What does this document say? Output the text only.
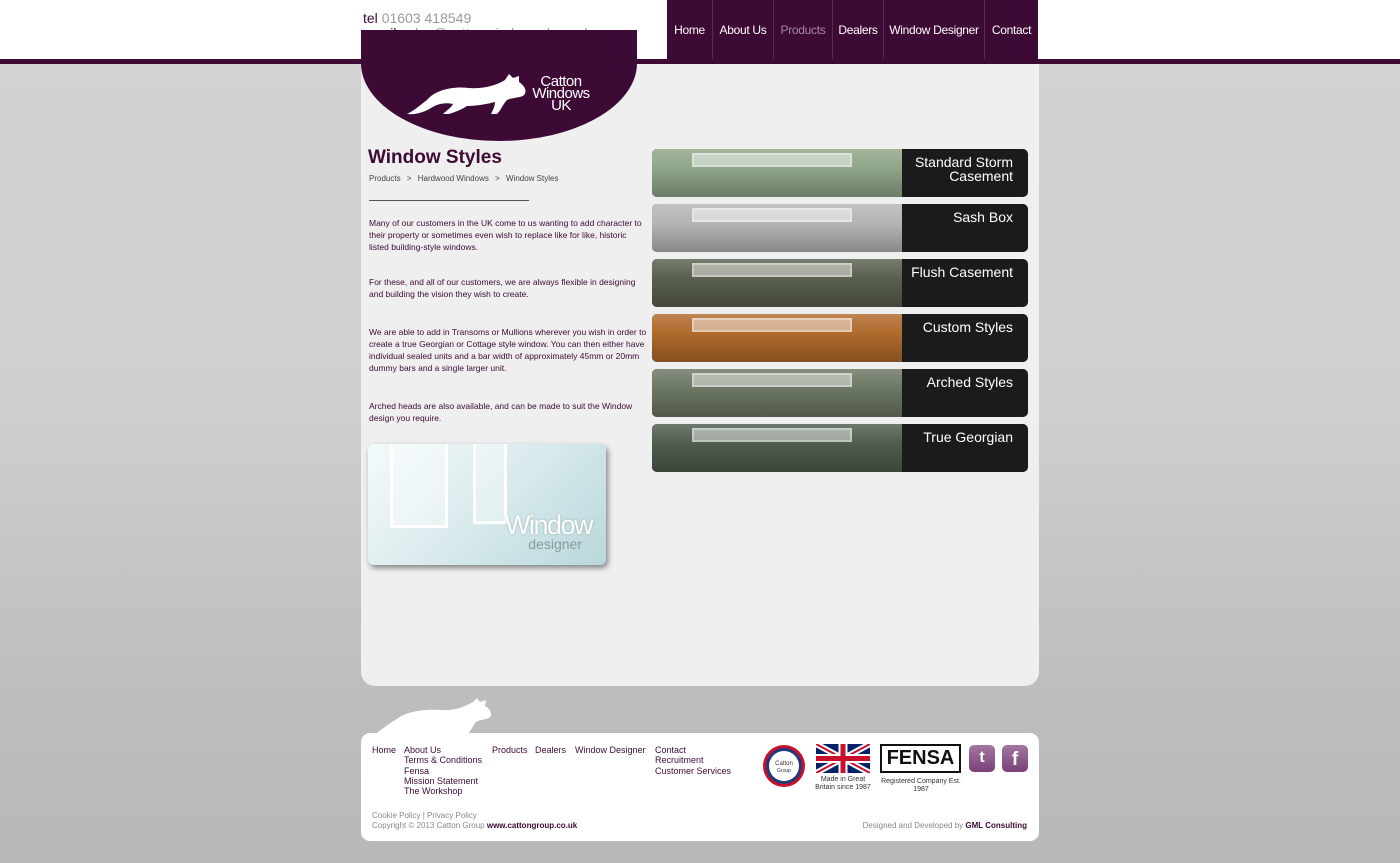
tel 01603 418549
Home	About Us	Products	Dealers Window Designer	Contact
Catton
Windows
UK
Window Styles
Products > Hardwood Windows > Window Styles

Many of our customers in the UK come to us wanting to add character to their property or sometimes even wish to replace like for like, historic listed building-style windows.

For these, and all of our customers, we are always flexible in designing and building the vision they wish to create.

We are able to add in Transoms or Mullions wherever you wish in order to create a true Georgian or Cottage style window. You can then either have individual sealed units and a bar width of approximately 45mm or 20mm dummy bars and a single larger unit.

Arched heads are also available, and can be made to suit the Window design you require.

Window
designer
Standard Storm Casement
Sash Box
Flush Casement
Custom Styles
Arched Styles
True Georgian
Home About Us
Terms & Conditions
Fensa
Mission Statement
The Workshop
Products Dealers Window Designer Contact
Recruitment
Customer Services
Catton
Group
Made in Great Britain since 1987
FENSA
Registered Company Est. 1987
t	f
Cookie Policy | Privacy Policy
Copyright © 2013 Catton Group www.cattongroup.co.uk	Designed and Developed by GML Consulting
